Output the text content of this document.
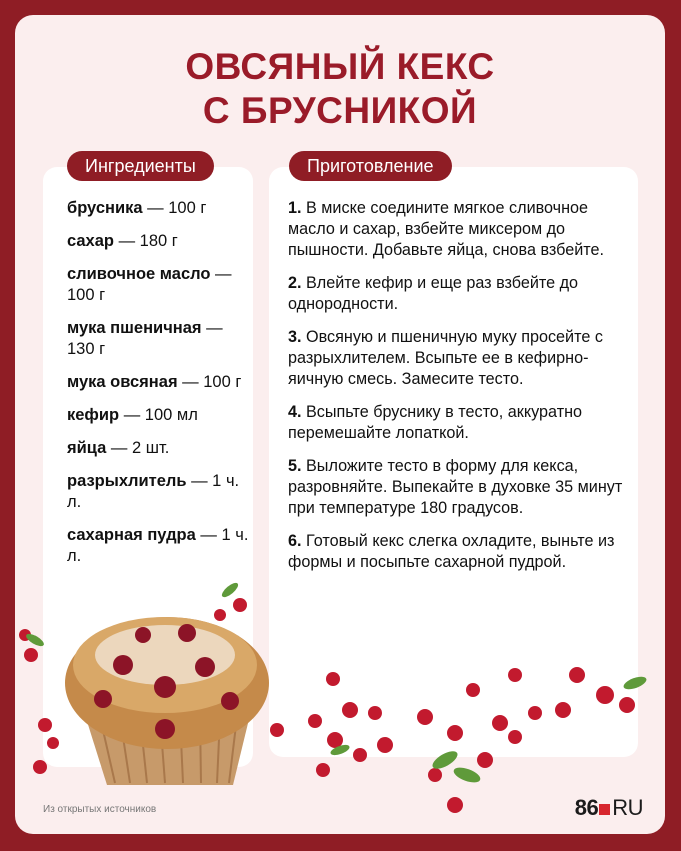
ОВСЯНЫЙ КЕКС
С БРУСНИКОЙ
Ингредиенты	Приготовление
брусника — 100 г
сахар — 180 г
сливочное масло — 100 г
мука пшеничная — 130 г
мука овсяная — 100 г
кефир — 100 мл
яйца — 2 шт.
разрыхлитель — 1 ч. л.
сахарная пудра — 1 ч. л.
1. В миске соедините мягкое сливочное масло и сахар, взбейте миксером до пышности. Добавьте яйца, снова взбейте.
2. Влейте кефир и еще раз взбейте до однородности.
3. Овсяную и пшеничную муку просейте с разрыхлителем. Всыпьте ее в кефирно-яичную смесь. Замесите тесто.
4. Всыпьте бруснику в тесто, аккуратно перемешайте лопаткой.
5. Выложите тесто в форму для кекса, разровняйте. Выпекайте в духовке 35 минут при температуре 180 градусов.
6. Готовый кекс слегка охладите, выньте из формы и посыпьте сахарной пудрой.
Из открытых источников	86 RU
